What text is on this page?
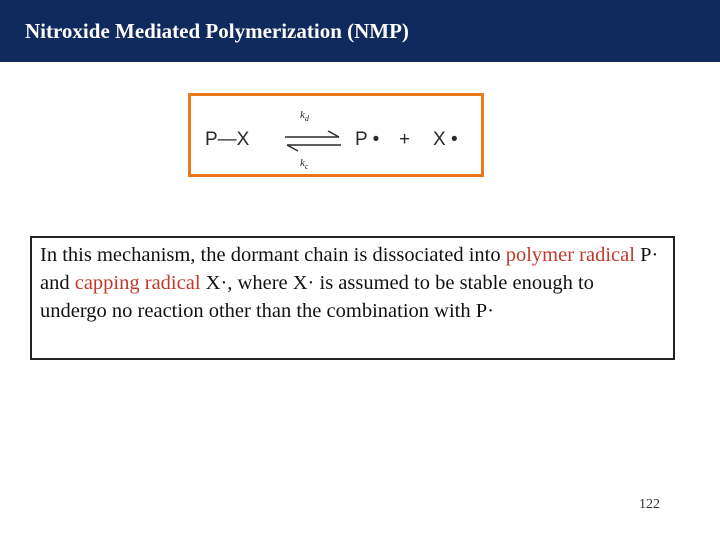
Nitroxide Mediated Polymerization (NMP)
P—X
$k_d$
$k_c$
P • + X •

In this mechanism, the dormant chain is dissociated into polymer radical P· and capping radical X·, where X· is assumed to be stable enough to undergo no reaction other than the combination with P·

122
